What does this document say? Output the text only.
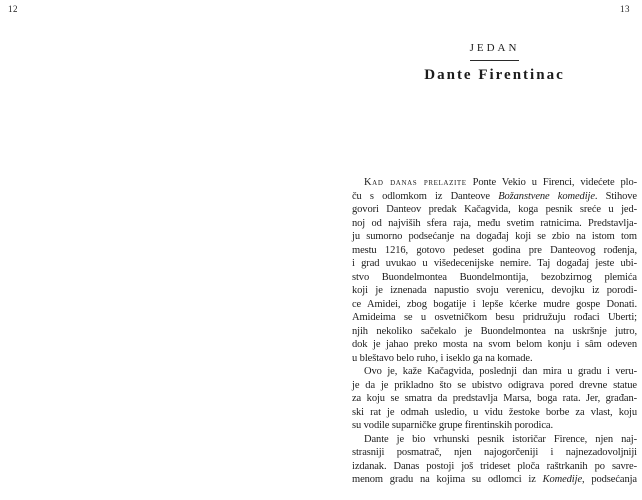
12	13
JEDAN
Dante Firentinac
Kad danas prelazite Ponte Vekio u Firenci, videćete plo-
ču s odlomkom iz Danteove Božanstvene komedije. Stihove
govori Danteov predak Kačagvida, koga pesnik sreće u jed-
noj od najviših sfera raja, među svetim ratnicima. Predstavlja-
ju sumorno podsećanje na događaj koji se zbio na istom tom
mestu 1216, gotovo pedeset godina pre Danteovog rođenja,
i grad uvukao u višedecenijske nemire. Taj događaj jeste ubi-
stvo Buondelmontea Buondelmontija, bezobzirnog plemića
koji je iznenada napustio svoju verenicu, devojku iz porodi-
ce Amidei, zbog bogatije i lepše kćerke mudre gospe Donati.
Amideima se u osvetničkom besu pridružuju rođaci Uberti;
njih nekoliko sačekalo je Buondelmontea na uskršnje jutro,
dok je jahao preko mosta na svom belom konju i sâm odeven
u bleštavo belo ruho, i iseklo ga na komade.
Ovo je, kaže Kačagvida, poslednji dan mira u gradu i veru-
je da je prikladno što se ubistvo odigrava pored drevne statue
za koju se smatra da predstavlja Marsa, boga rata. Jer, građan-
ski rat je odmah usledio, u vidu žestoke borbe za vlast, koju
su vodile suparničke grupe firentinskih porodica.
Dante je bio vrhunski pesnik istoričar Firence, njen naj-
strasniji posmatrač, njen najogorčeniji i najnezadovoljniji
izdanak. Danas postoji još trideset ploča raštrkanih po savre-
menom gradu na kojima su odlomci iz Komedije, podsećanja
